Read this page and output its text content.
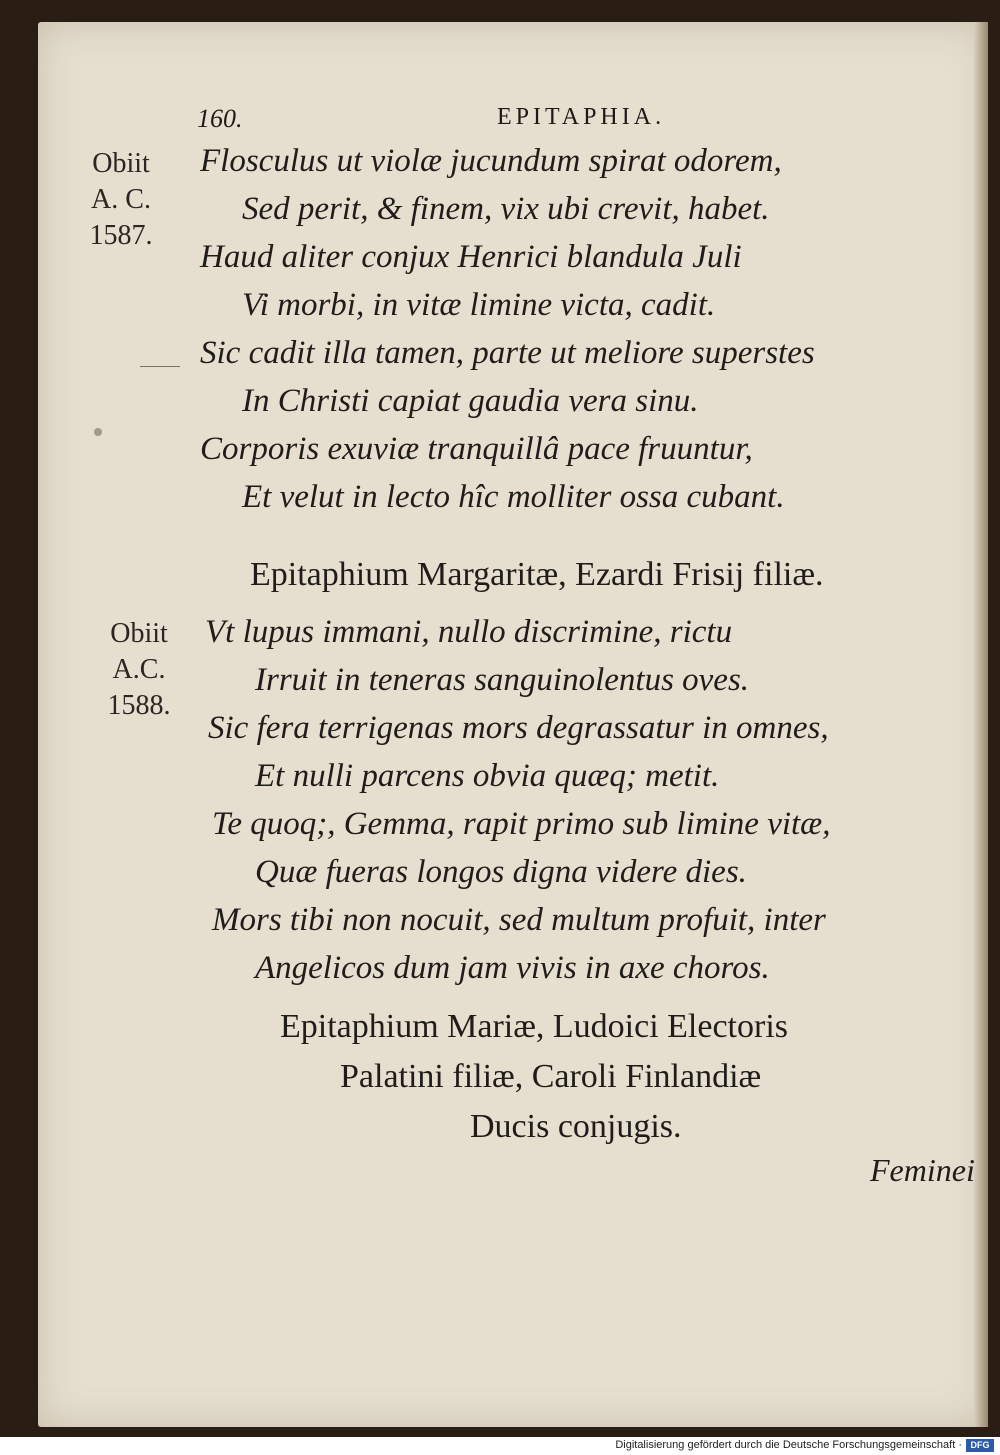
160.	EPITAPHIA.
Obiit
A. C.
1587.
Flosculus ut violæ jucundum spirat odorem,
Sed perit, & finem, vix ubi crevit, habet.
Haud aliter conjux Henrici blandula Juli
Vi morbi, in vitæ limine victa, cadit.
Sic cadit illa tamen, parte ut meliore superstes
In Christi capiat gaudia vera sinu.
Corporis exuviæ tranquillâ pace fruuntur,
Et velut in lecto hîc molliter ossa cubant.
Epitaphium Margaritæ, Ezardi Frisij filiæ.
Obiit
A.C.
1588.
Vt lupus immani, nullo discrimine, rictu
Irruit in teneras sanguinolentus oves.
Sic fera terrigenas mors degrassatur in omnes,
Et nulli parcens obvia quæq; metit.
Te quoq;, Gemma, rapit primo sub limine vitæ,
Quæ fueras longos digna videre dies.
Mors tibi non nocuit, sed multum profuit, inter
Angelicos dum jam vivis in axe choros.
Epitaphium Mariæ, Ludoici Electoris
Palatini filiæ, Caroli Finlandiæ
Ducis conjugis.
Feminei
Digitalisierung gefördert durch die Deutsche Forschungsgemeinschaft · DFG
